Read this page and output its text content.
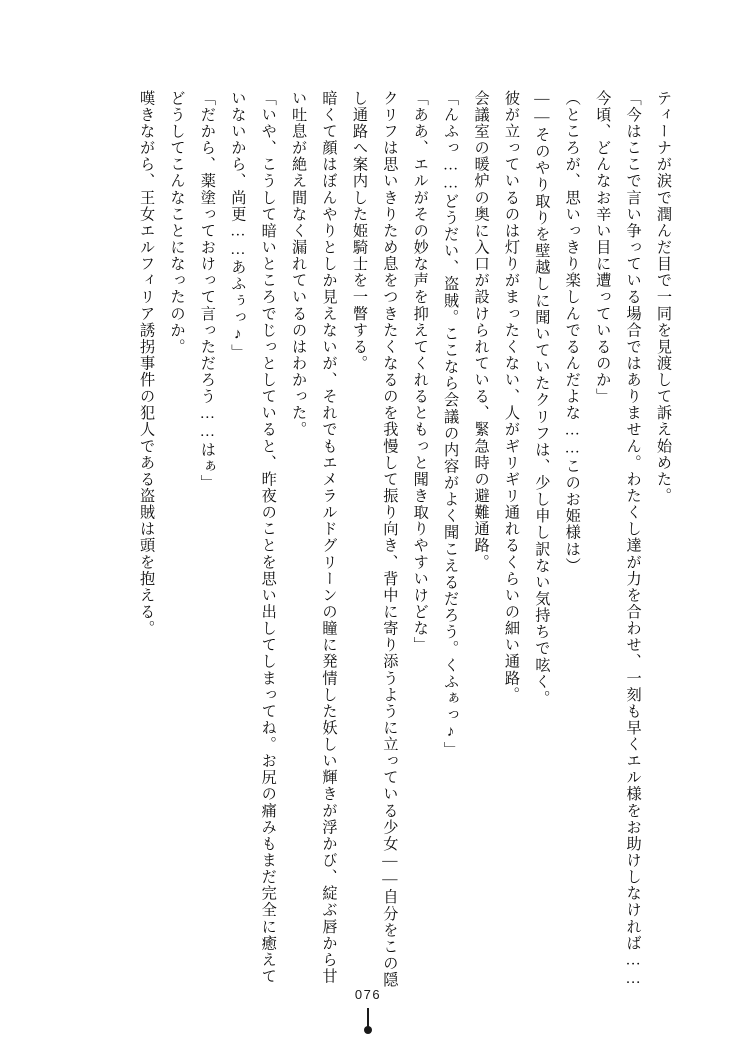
ティーナが涙で潤んだ目で一同を見渡して訴え始めた。

「今はここで言い争っている場合ではありません。わたくし達が力を合わせ、一刻も早くエル様をお助けしなければ……今頃、どんなお辛い目に遭っているのか」

（ところが、思いっきり楽しんでるんだよな……このお姫様は）

――そのやり取りを壁越しに聞いていたクリフは、少し申し訳ない気持ちで呟く。

彼が立っているのは灯りがまったくない、人がギリギリ通れるくらいの細い通路。

会議室の暖炉の奥に入口が設けられている、緊急時の避難通路。

「んふっ……どうだい、盗賊。ここなら会議の内容がよく聞こえるだろう。くふぁっ♪」

「ああ、エルがその妙な声を抑えてくれるともっと聞き取りやすいけどな」

クリフは思いきりため息をつきたくなるのを我慢して振り向き、背中に寄り添うように立っている少女――自分をこの隠し通路へ案内した姫騎士を一瞥する。

暗くて顔はぼんやりとしか見えないが、それでもエメラルドグリーンの瞳に発情した妖しい輝きが浮かび、綻ぶ唇から甘い吐息が絶え間なく漏れているのはわかった。

「いや、こうして暗いところでじっとしていると、昨夜のことを思い出してしまってね。お尻の痛みもまだ完全に癒えていないから、尚更……あふぅっ♪」

「だから、薬塗っておけって言っただろう……はぁ」

どうしてこんなことになったのか。

嘆きながら、王女エルフィリア誘拐事件の犯人である盗賊は頭を抱える。

076
